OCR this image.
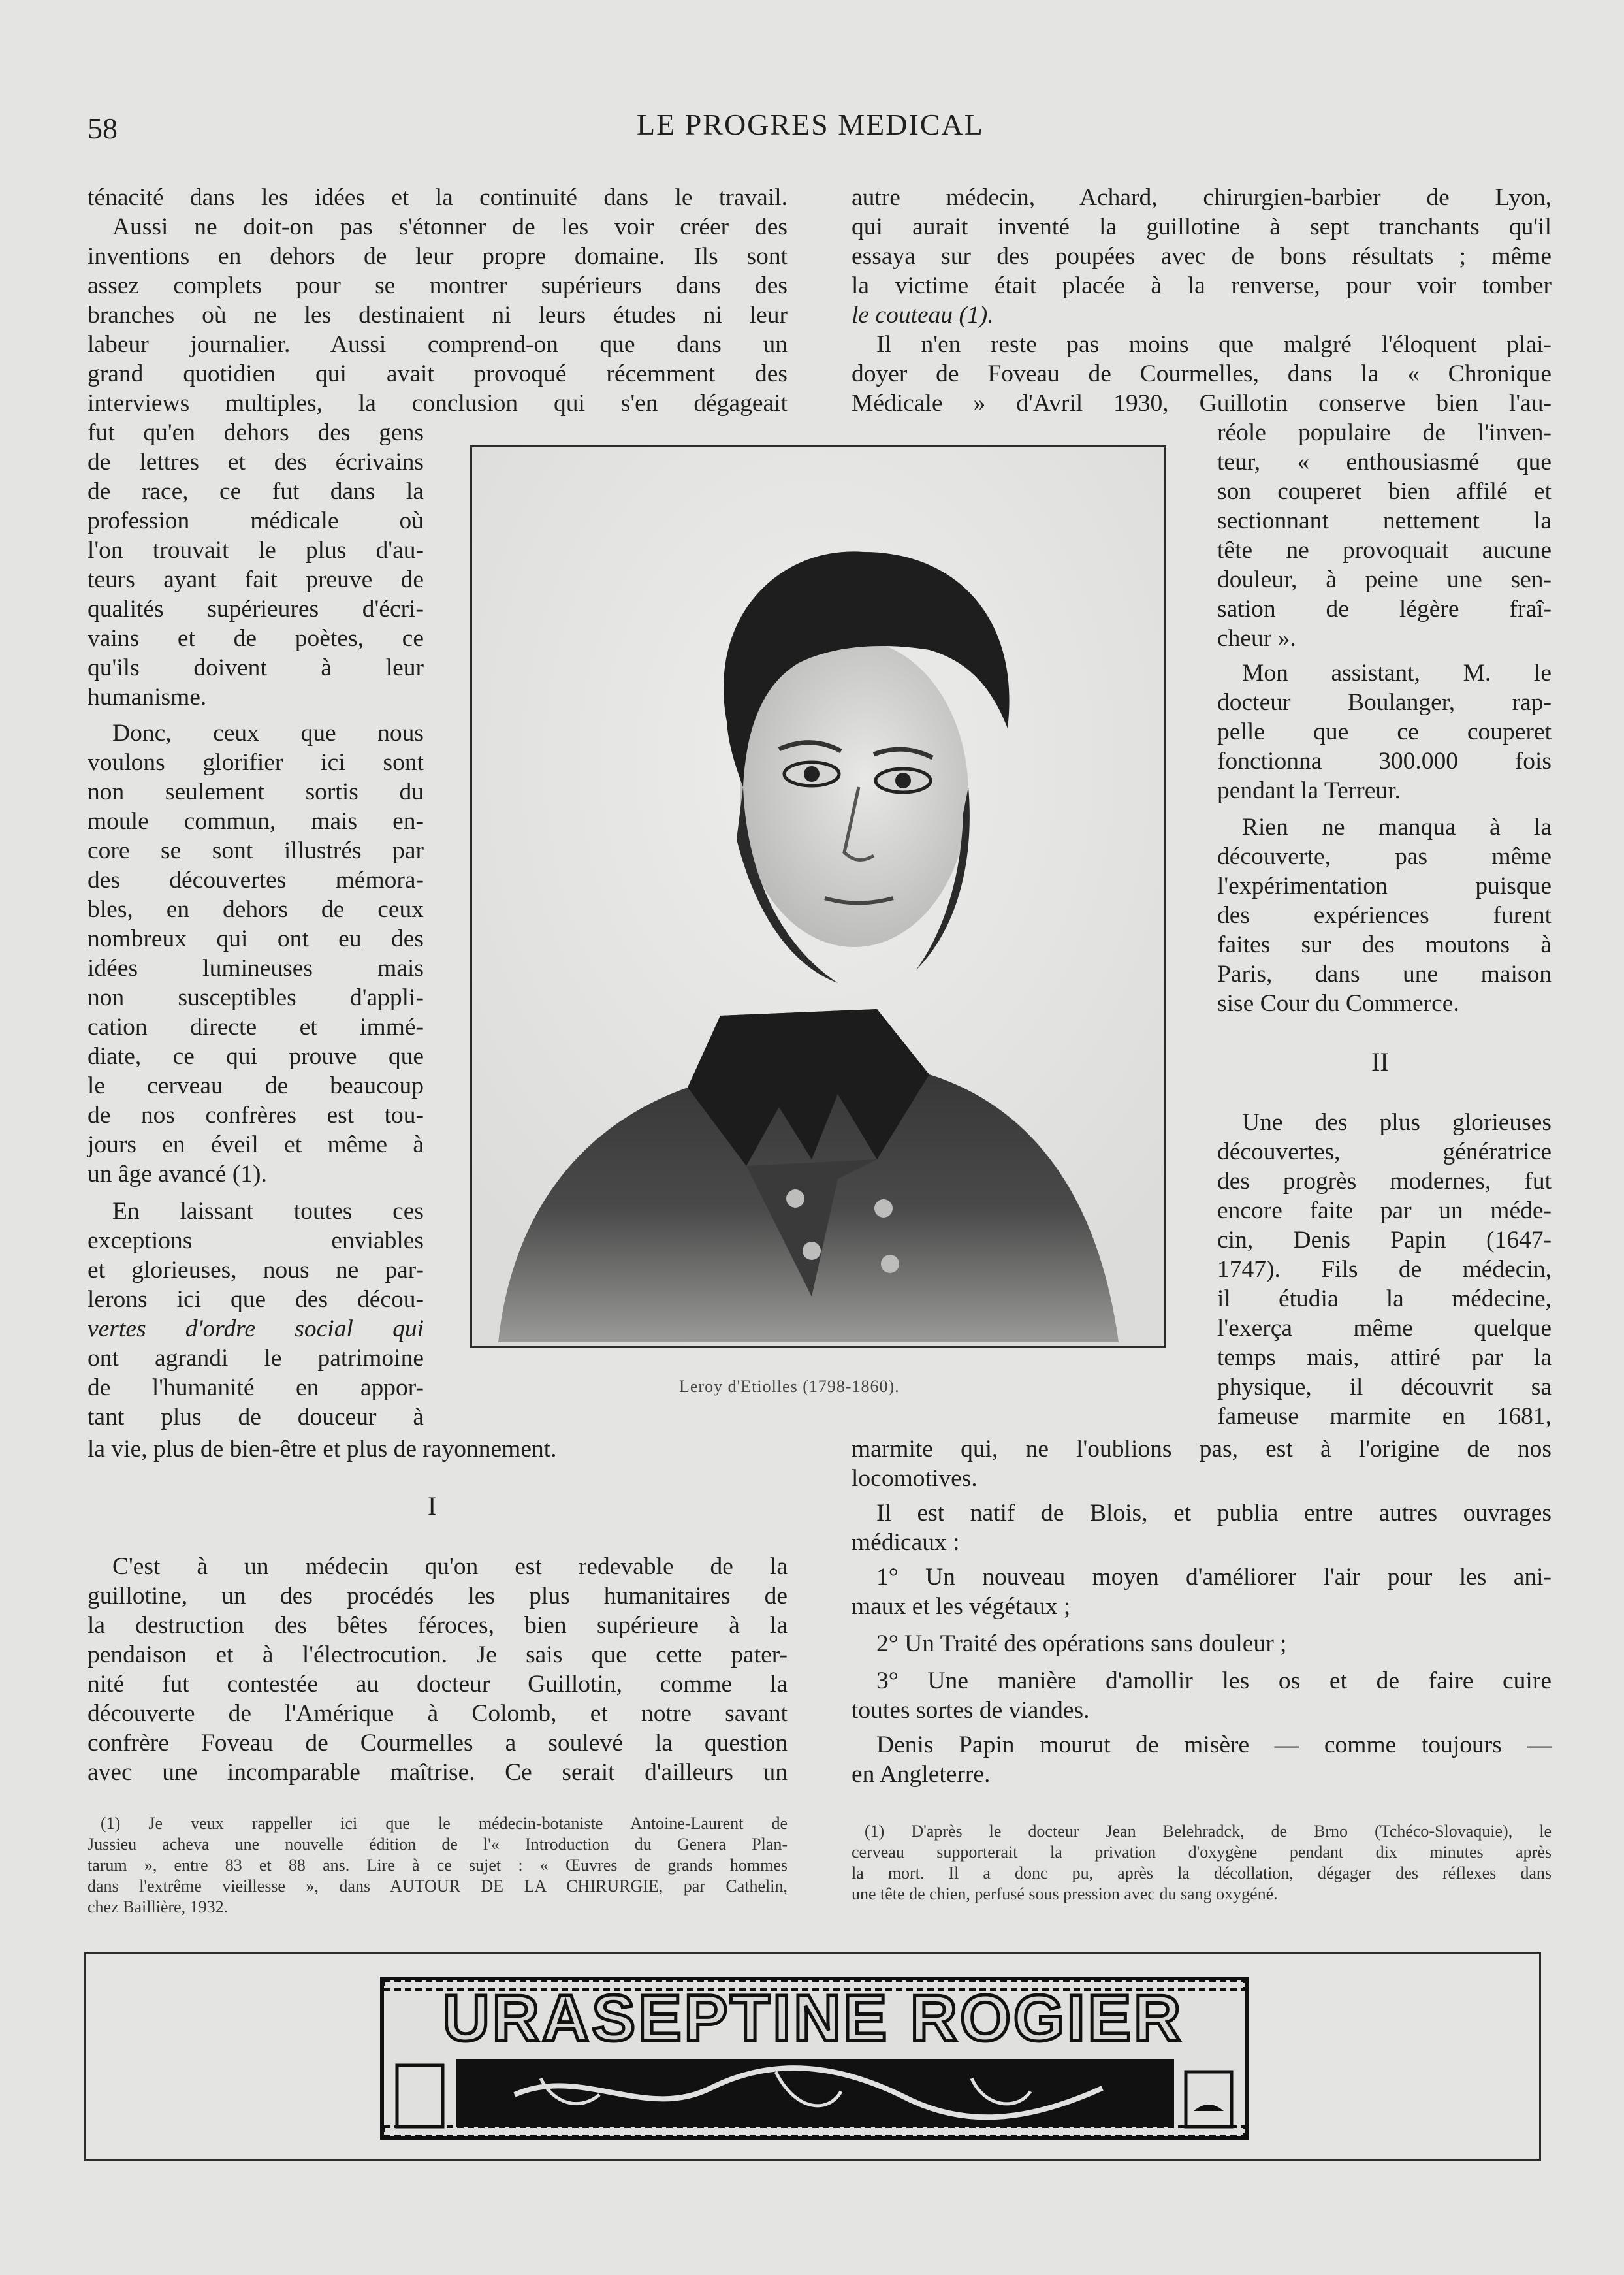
58	LE PROGRES MEDICAL
ténacité dans les idées et la continuité dans le travail.
Aussi ne doit-on pas s'étonner de les voir créer des
inventions en dehors de leur propre domaine. Ils sont
assez complets pour se montrer supérieurs dans des
branches où ne les destinaient ni leurs études ni leur
labeur journalier. Aussi comprend-on que dans un
grand quotidien qui avait provoqué récemment des
interviews multiples, la conclusion qui s'en dégageait
fut qu'en dehors des gens
de lettres et des écrivains
de race, ce fut dans la
profession médicale où
l'on trouvait le plus d'au-
teurs ayant fait preuve de
qualités supérieures d'écri-
vains et de poètes, ce
qu'ils doivent à leur
humanisme.
Donc, ceux que nous
voulons glorifier ici sont
non seulement sortis du
moule commun, mais en-
core se sont illustrés par
des découvertes mémora-
bles, en dehors de ceux
nombreux qui ont eu des
idées lumineuses mais
non susceptibles d'appli-
cation directe et immé-
diate, ce qui prouve que
le cerveau de beaucoup
de nos confrères est tou-
jours en éveil et même à
un âge avancé (1).
En laissant toutes ces
exceptions enviables
et glorieuses, nous ne par-
lerons ici que des décou-
vertes d'ordre social qui
ont agrandi le patrimoine
de l'humanité en appor-
tant plus de douceur à
la vie, plus de bien-être et plus de rayonnement.
I
C'est à un médecin qu'on est redevable de la
guillotine, un des procédés les plus humanitaires de
la destruction des bêtes féroces, bien supérieure à la
pendaison et à l'électrocution. Je sais que cette pater-
nité fut contestée au docteur Guillotin, comme la
découverte de l'Amérique à Colomb, et notre savant
confrère Foveau de Courmelles a soulevé la question
avec une incomparable maîtrise. Ce serait d'ailleurs un
(1) Je veux rappeller ici que le médecin-botaniste Antoine-Laurent de
Jussieu acheva une nouvelle édition de l'« Introduction du Genera Plan-
tarum », entre 83 et 88 ans. Lire à ce sujet : « Œuvres de grands hommes
dans l'extrême vieillesse », dans AUTOUR DE LA CHIRURGIE, par Cathelin,
chez Baillière, 1932.
Leroy d'Etiolles (1798-1860).
autre médecin, Achard, chirurgien-barbier de Lyon,
qui aurait inventé la guillotine à sept tranchants qu'il
essaya sur des poupées avec de bons résultats ; même
la victime était placée à la renverse, pour voir tomber
le couteau (1).
Il n'en reste pas moins que malgré l'éloquent plai-
doyer de Foveau de Courmelles, dans la « Chronique
Médicale » d'Avril 1930, Guillotin conserve bien l'au-
réole populaire de l'inven-
teur, « enthousiasmé que
son couperet bien affilé et
sectionnant nettement la
tête ne provoquait aucune
douleur, à peine une sen-
sation de légère fraî-
cheur ».
Mon assistant, M. le
docteur Boulanger, rap-
pelle que ce couperet
fonctionna 300.000 fois
pendant la Terreur.
Rien ne manqua à la
découverte, pas même
l'expérimentation puisque
des expériences furent
faites sur des moutons à
Paris, dans une maison
sise Cour du Commerce.
II
Une des plus glorieuses
découvertes, génératrice
des progrès modernes, fut
encore faite par un méde-
cin, Denis Papin (1647-
1747). Fils de médecin,
il étudia la médecine,
l'exerça même quelque
temps mais, attiré par la
physique, il découvrit sa
fameuse marmite en 1681,
marmite qui, ne l'oublions pas, est à l'origine de nos
locomotives.
Il est natif de Blois, et publia entre autres ouvrages
médicaux :
1° Un nouveau moyen d'améliorer l'air pour les ani-
maux et les végétaux ;
2° Un Traité des opérations sans douleur ;
3° Une manière d'amollir les os et de faire cuire
toutes sortes de viandes.
Denis Papin mourut de misère — comme toujours —
en Angleterre.
(1) D'après le docteur Jean Belehradck, de Brno (Tchéco-Slovaquie), le
cerveau supporterait la privation d'oxygène pendant dix minutes après
la mort. Il a donc pu, après la décollation, dégager des réflexes dans
une tête de chien, perfusé sous pression avec du sang oxygéné.
URASEPTINE ROGIER
